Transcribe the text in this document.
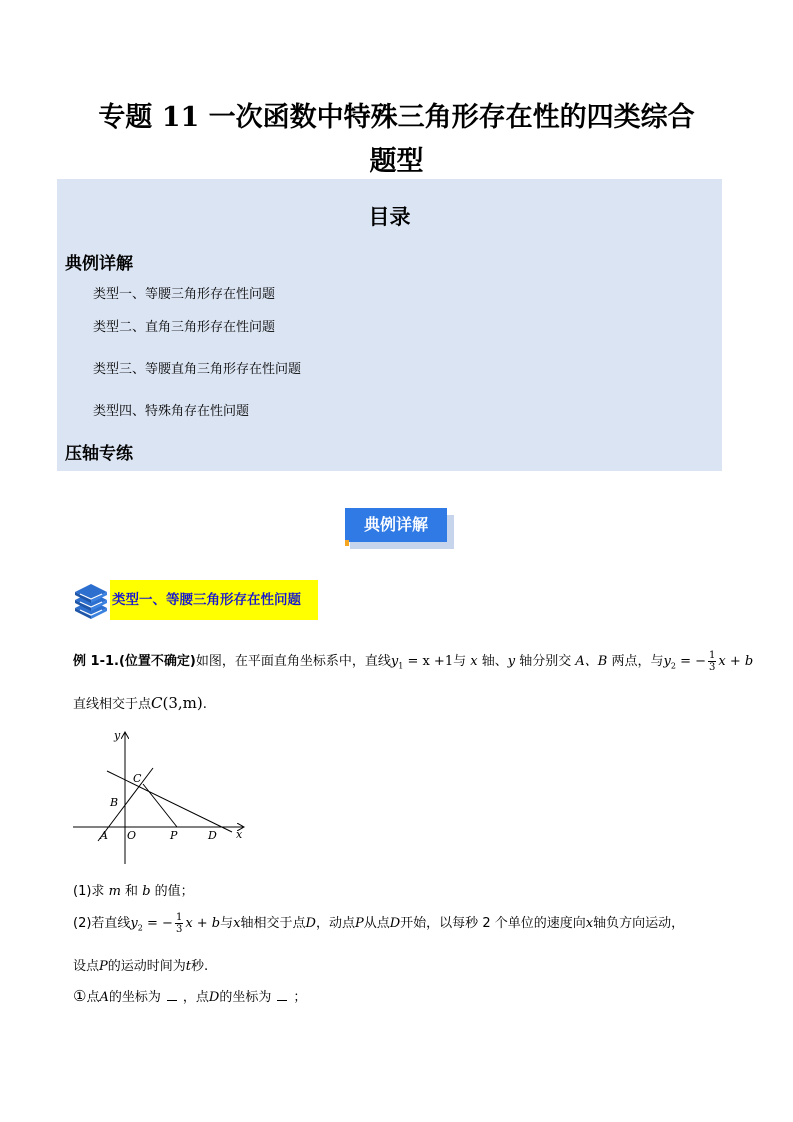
专题 11 一次函数中特殊三角形存在性的四类综合
题型
目录
典例详解
类型一、等腰三角形存在性问题
类型二、直角三角形存在性问题
类型三、等腰直角三角形存在性问题
类型四、特殊角存在性问题
压轴专练
典例详解
类型一、等腰三角形存在性问题
例 1-1.(位置不确定)如图，在平面直角坐标系中，直线$y_1 = x +1$与 x 轴、y 轴分别交 A、B 两点，与$y_2$ = − $\frac{1}{3}$ x + b
直线相交于点C(3,m).
y
x
A O
B
C
P	D
(1)求 m 和 b 的值；
(2)若直线$y_2$ = − $\frac{1}{3}$ x + b与x轴相交于点D，动点P从点D开始，以每秒 2 个单位的速度向x轴负方向运动，
设点P的运动时间为t秒.
①点A的坐标为 ，点D的坐标为 ；
